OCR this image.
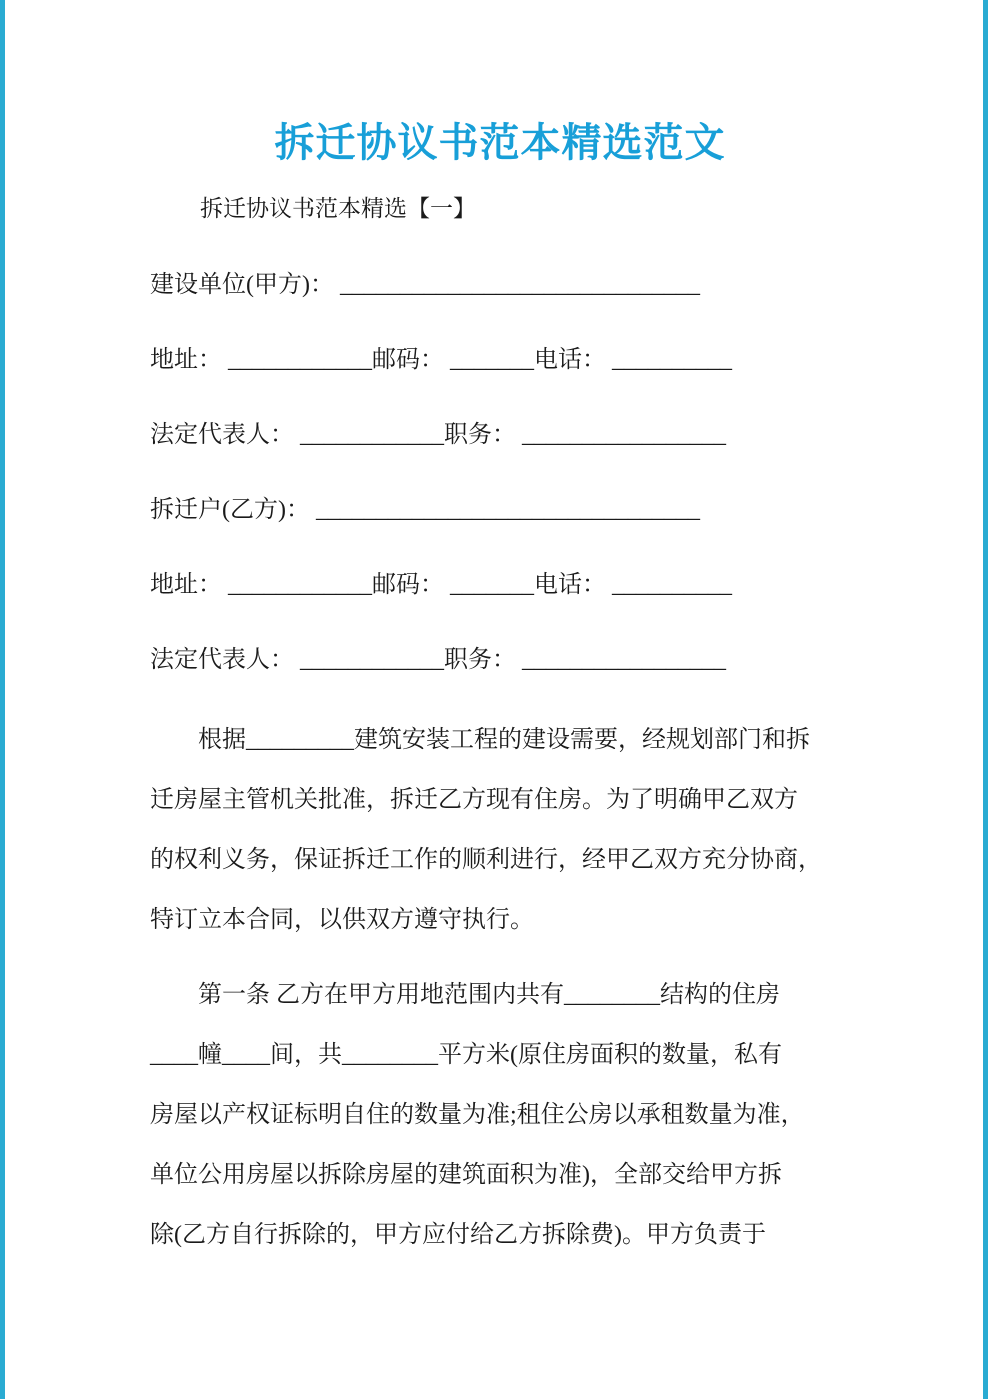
拆迁协议书范本精选范文
拆迁协议书范本精选【一】
建设单位(甲方)： ______________________________
地址： ____________邮码： _______电话： __________
法定代表人： ____________职务： _________________
拆迁户(乙方)： ________________________________
地址： ____________邮码： _______电话： __________
法定代表人： ____________职务： _________________
根据_________建筑安装工程的建设需要，经规划部门和拆
迁房屋主管机关批准，拆迁乙方现有住房。为了明确甲乙双方
的权利义务，保证拆迁工作的顺利进行，经甲乙双方充分协商，
特订立本合同，以供双方遵守执行。
第一条 乙方在甲方用地范围内共有________结构的住房
____幢____间，共________平方米(原住房面积的数量，私有
房屋以产权证标明自住的数量为准;租住公房以承租数量为准，
单位公用房屋以拆除房屋的建筑面积为准)，全部交给甲方拆
除(乙方自行拆除的，甲方应付给乙方拆除费)。甲方负责于
